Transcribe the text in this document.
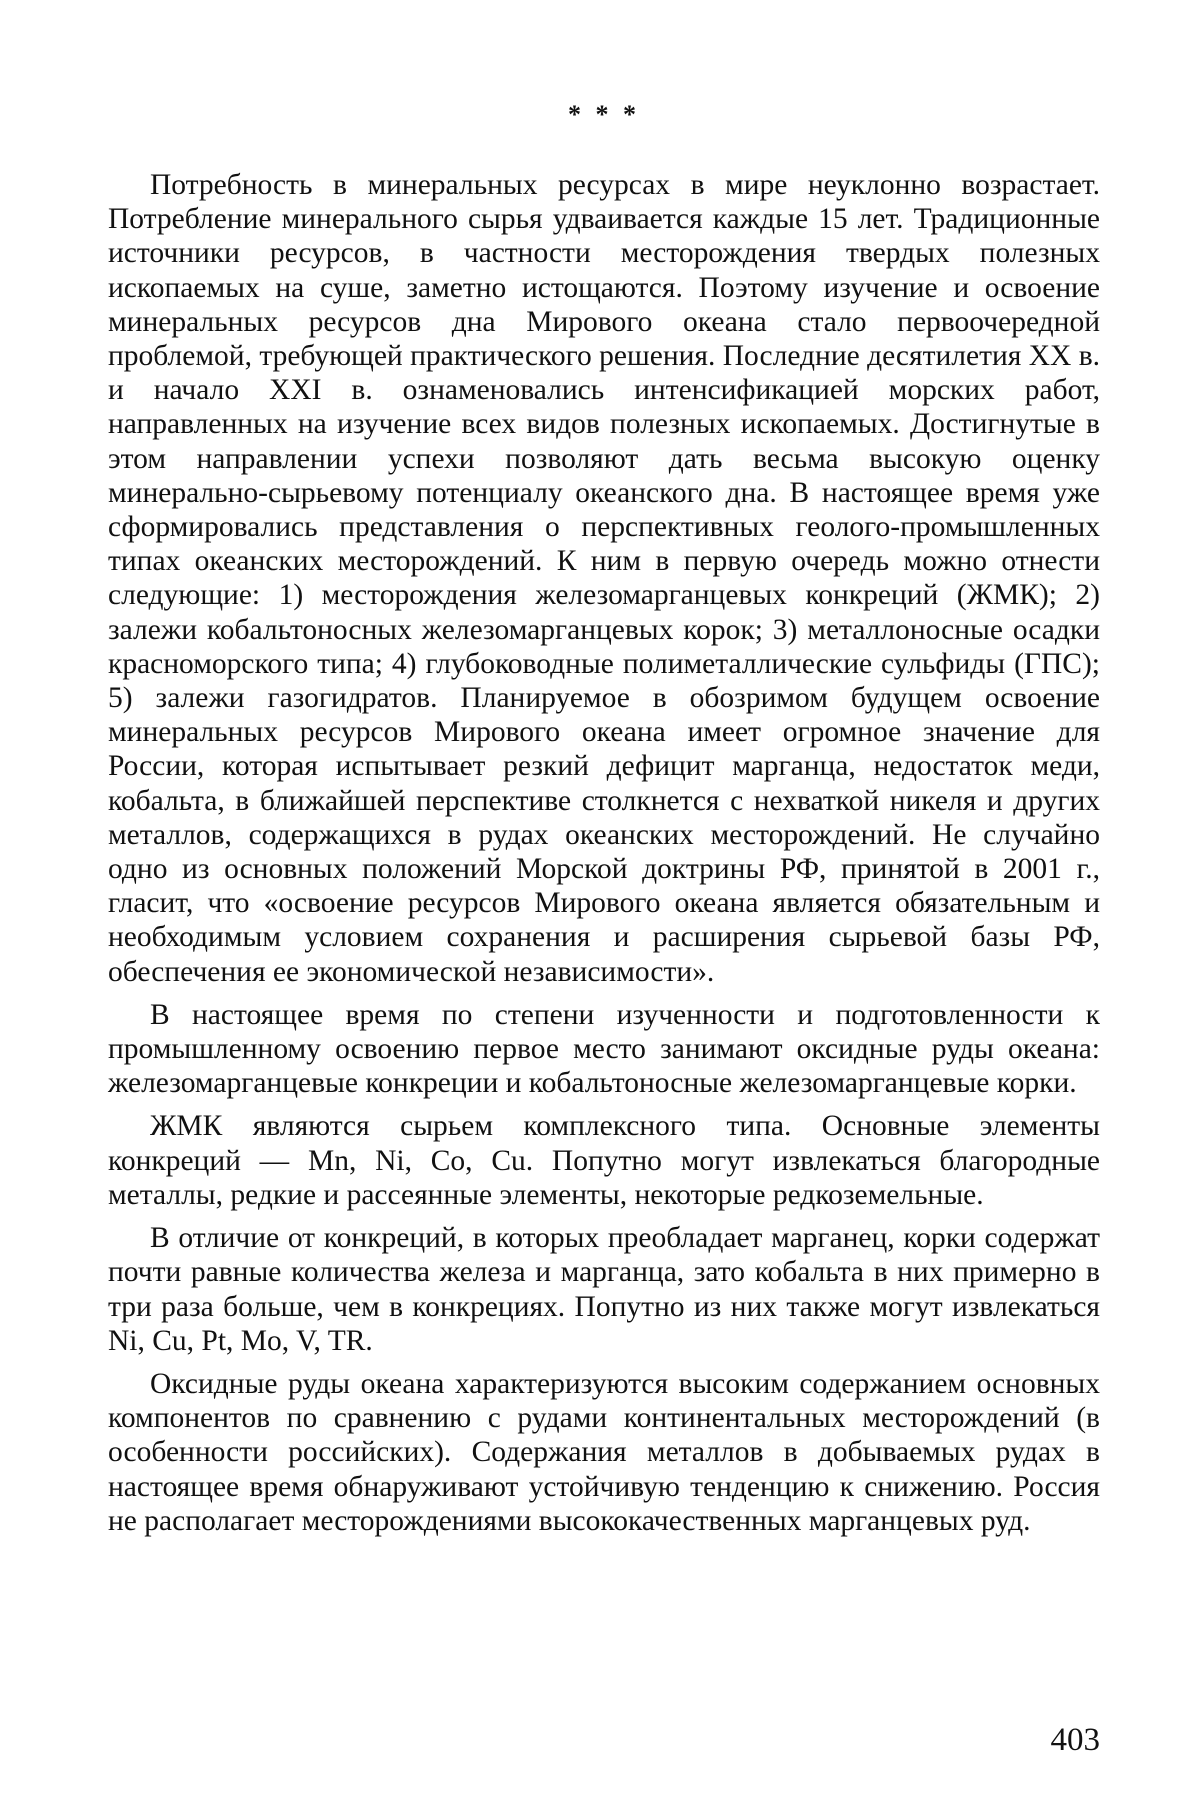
* * *

Потребность в минеральных ресурсах в мире неуклонно возрастает. Потребление минерального сырья удваивается каждые 15 лет. Традиционные источники ресурсов, в частности месторождения твердых полезных ископаемых на суше, заметно истощаются. Поэтому изучение и освоение минеральных ресурсов дна Мирового океана стало первоочередной проблемой, требующей практического решения. Последние десятилетия XX в. и начало XXI в. ознаменовались интенсификацией морских работ, направленных на изучение всех видов полезных ископаемых. Достигнутые в этом направлении успехи позволяют дать весьма высокую оценку минерально-сырьевому потенциалу океанского дна. В настоящее время уже сформировались представления о перспективных геолого-промышленных типах океанских месторождений. К ним в первую очередь можно отнести следующие: 1) месторождения железомарганцевых конкреций (ЖМК); 2) залежи кобальтоносных железомарганцевых корок; 3) металлоносные осадки красноморского типа; 4) глубоководные полиметаллические сульфиды (ГПС); 5) залежи газогидратов. Планируемое в обозримом будущем освоение минеральных ресурсов Мирового океана имеет огромное значение для России, которая испытывает резкий дефицит марганца, недостаток меди, кобальта, в ближайшей перспективе столкнется с нехваткой никеля и других металлов, содержащихся в рудах океанских месторождений. Не случайно одно из основных положений Морской доктрины РФ, принятой в 2001 г., гласит, что «освоение ресурсов Мирового океана является обязательным и необходимым условием сохранения и расширения сырьевой базы РФ, обеспечения ее экономической независимости».

В настоящее время по степени изученности и подготовленности к промышленному освоению первое место занимают оксидные руды океана: железомарганцевые конкреции и кобальтоносные железомарганцевые корки.

ЖМК являются сырьем комплексного типа. Основные элементы конкреций — Mn, Ni, Co, Cu. Попутно могут извлекаться благородные металлы, редкие и рассеянные элементы, некоторые редкоземельные.

В отличие от конкреций, в которых преобладает марганец, корки содержат почти равные количества железа и марганца, зато кобальта в них примерно в три раза больше, чем в конкрециях. Попутно из них также могут извлекаться Ni, Cu, Pt, Mo, V, TR.

Оксидные руды океана характеризуются высоким содержанием основных компонентов по сравнению с рудами континентальных месторождений (в особенности российских). Содержания металлов в добываемых рудах в настоящее время обнаруживают устойчивую тенденцию к снижению. Россия не располагает месторождениями высококачественных марганцевых руд.

403
